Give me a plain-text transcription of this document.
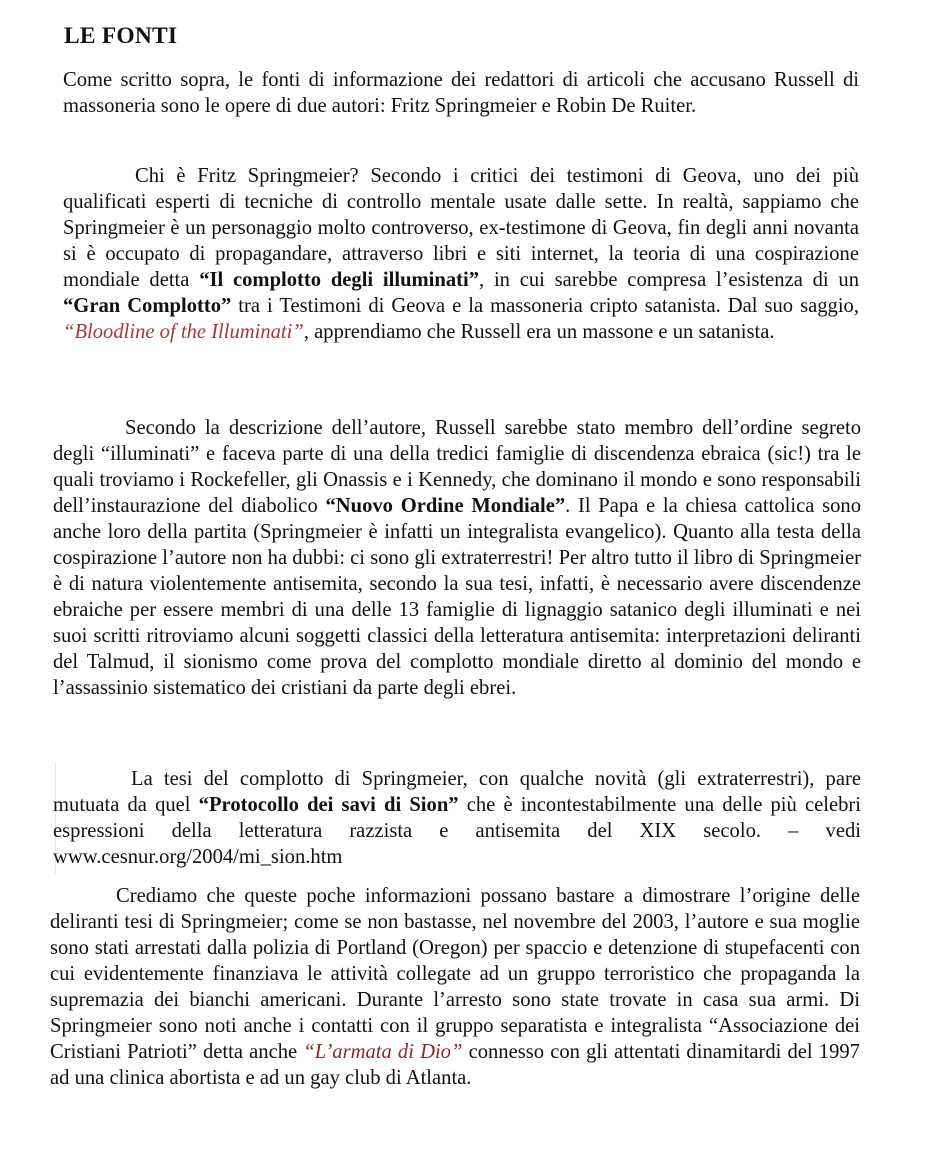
LE FONTI

Come scritto sopra, le fonti di informazione dei redattori di articoli che accusano Russell di massoneria sono le opere di due autori: Fritz Springmeier e Robin De Ruiter.

Chi è Fritz Springmeier? Secondo i critici dei testimoni di Geova, uno dei più qualificati esperti di tecniche di controllo mentale usate dalle sette. In realtà, sappiamo che Springmeier è un personaggio molto controverso, ex-testimone di Geova, fin degli anni novanta si è occupato di propagandare, attraverso libri e siti internet, la teoria di una cospirazione mondiale detta “Il complotto degli illuminati”, in cui sarebbe compresa l’esistenza di un “Gran Complotto” tra i Testimoni di Geova e la massoneria cripto satanista. Dal suo saggio, “Bloodline of the Illuminati”, apprendiamo che Russell era un massone e un satanista.

Secondo la descrizione dell’autore, Russell sarebbe stato membro dell’ordine segreto degli “illuminati” e faceva parte di una della tredici famiglie di discendenza ebraica (sic!) tra le quali troviamo i Rockefeller, gli Onassis e i Kennedy, che dominano il mondo e sono responsabili dell’instaurazione del diabolico “Nuovo Ordine Mondiale”. Il Papa e la chiesa cattolica sono anche loro della partita (Springmeier è infatti un integralista evangelico). Quanto alla testa della cospirazione l’autore non ha dubbi: ci sono gli extraterrestri! Per altro tutto il libro di Springmeier è di natura violentemente antisemita, secondo la sua tesi, infatti, è necessario avere discendenze ebraiche per essere membri di una delle 13 famiglie di lignaggio satanico degli illuminati e nei suoi scritti ritroviamo alcuni soggetti classici della letteratura antisemita: interpretazioni deliranti del Talmud, il sionismo come prova del complotto mondiale diretto al dominio del mondo e l’assassinio sistematico dei cristiani da parte degli ebrei.

La tesi del complotto di Springmeier, con qualche novità (gli extraterrestri), pare mutuata da quel “Protocollo dei savi di Sion” che è incontestabilmente una delle più celebri espressioni della letteratura razzista e antisemita del XIX secolo. – vedi www.cesnur.org/2004/mi_sion.htm

Crediamo che queste poche informazioni possano bastare a dimostrare l’origine delle deliranti tesi di Springmeier; come se non bastasse, nel novembre del 2003, l’autore e sua moglie sono stati arrestati dalla polizia di Portland (Oregon) per spaccio e detenzione di stupefacenti con cui evidentemente finanziava le attività collegate ad un gruppo terroristico che propaganda la supremazia dei bianchi americani. Durante l’arresto sono state trovate in casa sua armi. Di Springmeier sono noti anche i contatti con il gruppo separatista e integralista “Associazione dei Cristiani Patrioti” detta anche “L’armata di Dio” connesso con gli attentati dinamitardi del 1997 ad una clinica abortista e ad un gay club di Atlanta.
